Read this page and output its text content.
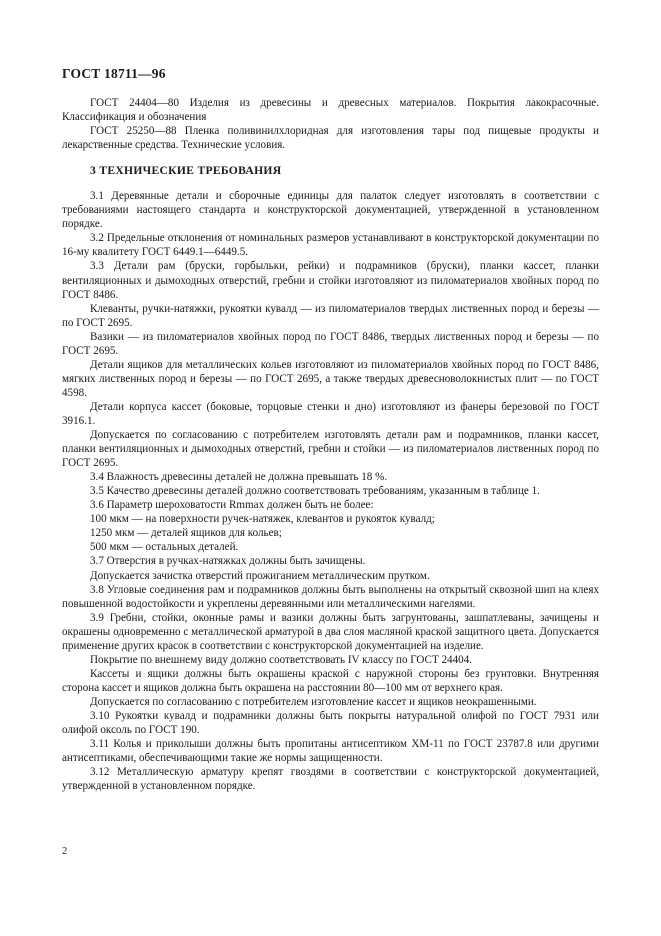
ГОСТ 18711—96

ГОСТ 24404—80 Изделия из древесины и древесных материалов. Покрытия лакокрасочные. Классификация и обозначения

ГОСТ 25250—88 Пленка поливинилхлоридная для изготовления тары под пищевые продукты и лекарственные средства. Технические условия.

3 ТЕХНИЧЕСКИЕ ТРЕБОВАНИЯ

3.1 Деревянные детали и сборочные единицы для палаток следует изготовлять в соответствии с требованиями настоящего стандарта и конструкторской документацией, утвержденной в установленном порядке.

3.2 Предельные отклонения от номинальных размеров устанавливают в конструкторской документации по 16-му квалитету ГОСТ 6449.1—6449.5.

3.3 Детали рам (бруски, горбыльки, рейки) и подрамников (бруски), планки кассет, планки вентиляционных и дымоходных отверстий, гребни и стойки изготовляют из пиломатериалов хвойных пород по ГОСТ 8486.

Клеванты, ручки-натяжки, рукоятки кувалд — из пиломатериалов твердых лиственных пород и березы — по ГОСТ 2695.

Вазики — из пиломатериалов хвойных пород по ГОСТ 8486, твердых лиственных пород и березы — по ГОСТ 2695.

Детали ящиков для металлических кольев изготовляют из пиломатериалов хвойных пород по ГОСТ 8486, мягких лиственных пород и березы — по ГОСТ 2695, а также твердых древесноволокнистых плит — по ГОСТ 4598.

Детали корпуса кассет (боковые, торцовые стенки и дно) изготовляют из фанеры березовой по ГОСТ 3916.1.

Допускается по согласованию с потребителем изготовлять детали рам и подрамников, планки кассет, планки вентиляционных и дымоходных отверстий, гребни и стойки — из пиломатериалов лиственных пород по ГОСТ 2695.

3.4 Влажность древесины деталей не должна превышать 18 %.

3.5 Качество древесины деталей должно соответствовать требованиям, указанным в таблице 1.

3.6 Параметр шероховатости Rmmax должен быть не более:

100 мкм — на поверхности ручек-натяжек, клевантов и рукояток кувалд;

1250 мкм — деталей ящиков для кольев;

500 мкм — остальных деталей.

3.7 Отверстия в ручках-натяжках должны быть зачищены.

Допускается зачистка отверстий прожиганием металлическим прутком.

3.8 Угловые соединения рам и подрамников должны быть выполнены на открытый сквозной шип на клеях повышенной водостойкости и укреплены деревянными или металлическими нагелями.

3.9 Гребни, стойки, оконные рамы и вазики должны быть загрунтованы, зашпатлеваны, зачищены и окрашены одновременно с металлической арматурой в два слоя масляной краской защитного цвета. Допускается применение других красок в соответствии с конструкторской документацией на изделие.

Покрытие по внешнему виду должно соответствовать IV классу по ГОСТ 24404.

Кассеты и ящики должны быть окрашены краской с наружной стороны без грунтовки. Внутренняя сторона кассет и ящиков должна быть окрашена на расстоянии 80—100 мм от верхнего края.

Допускается по согласованию с потребителем изготовление кассет и ящиков неокрашенными.

3.10 Рукоятки кувалд и подрамники должны быть покрыты натуральной олифой по ГОСТ 7931 или олифой оксоль по ГОСТ 190.

3.11 Колья и приколыши должны быть пропитаны антисептиком ХМ-11 по ГОСТ 23787.8 или другими антисептиками, обеспечивающими такие же нормы защищенности.

3.12 Металлическую арматуру крепят гвоздями в соответствии с конструкторской документацией, утвержденной в установленном порядке.

2
